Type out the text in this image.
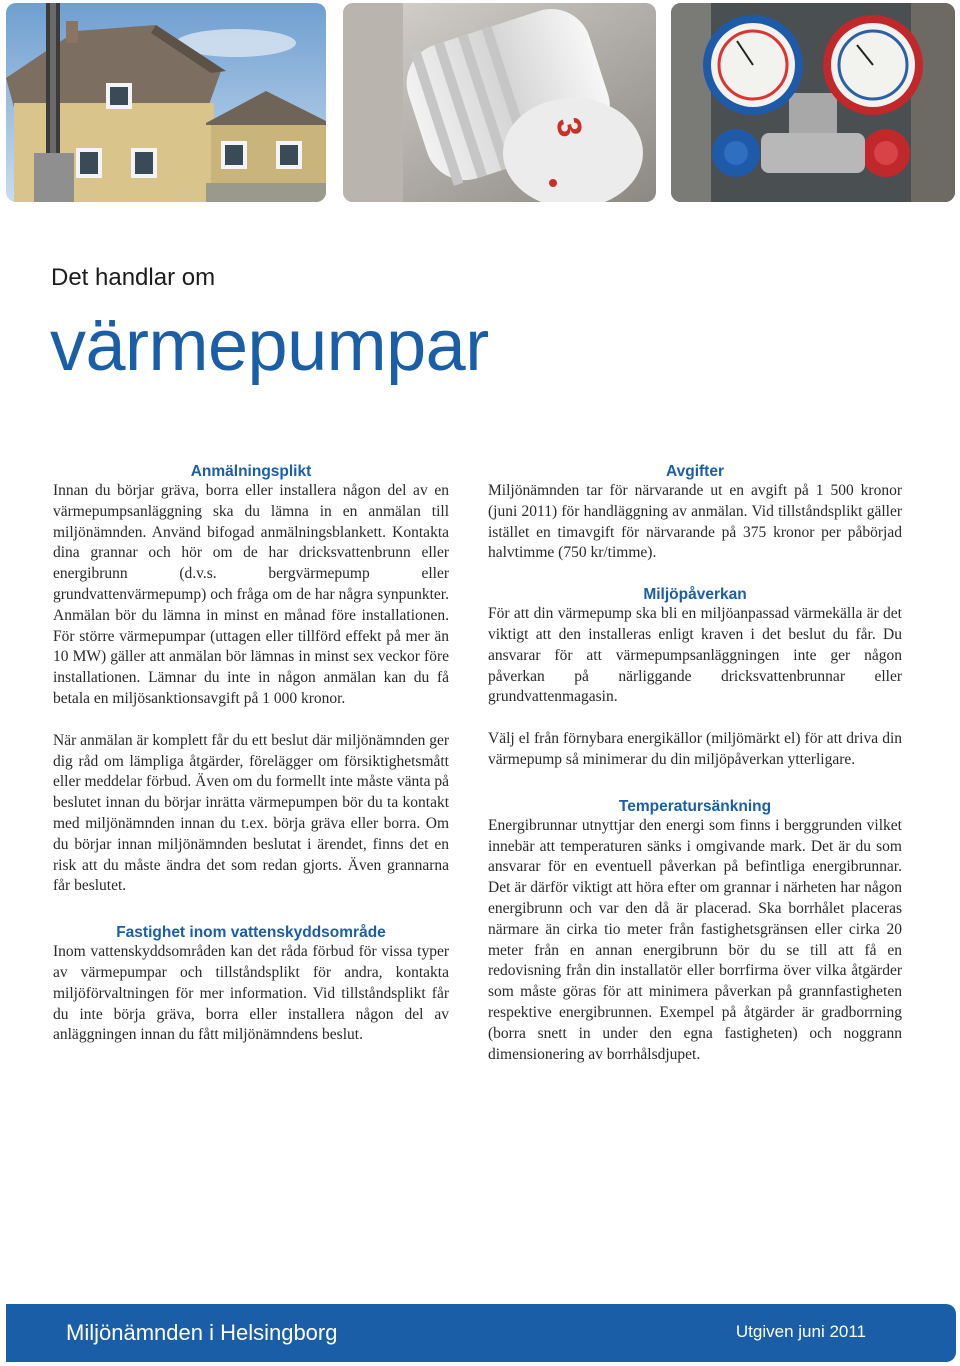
3
Det handlar om
värmepumpar
Anmälningsplikt

Innan du börjar gräva, borra eller installera någon del av en värmepumpsanläggning ska du lämna in en anmälan till miljönämnden. Använd bifogad anmälningsblankett. Kontakta dina grannar och hör om de har dricksvattenbrunn eller energibrunn (d.v.s. bergvärmepump eller grundvattenvärmepump) och fråga om de har några synpunkter. Anmälan bör du lämna in minst en månad före installationen. För större värmepumpar (uttagen eller tillförd effekt på mer än 10 MW) gäller att anmälan bör lämnas in minst sex veckor före installationen. Lämnar du inte in någon anmälan kan du få betala en miljösanktionsavgift på 1 000 kronor.

När anmälan är komplett får du ett beslut där miljönämnden ger dig råd om lämpliga åtgärder, förelägger om försiktighetsmått eller meddelar förbud. Även om du formellt inte måste vänta på beslutet innan du börjar inrätta värmepumpen bör du ta kontakt med miljönämnden innan du t.ex. börja gräva eller borra. Om du börjar innan miljönämnden beslutat i ärendet, finns det en risk att du måste ändra det som redan gjorts. Även grannarna får beslutet.

Fastighet inom vattenskyddsområde

Inom vattenskyddsområden kan det råda förbud för vissa typer av värmepumpar och tillståndsplikt för andra, kontakta miljöförvaltningen för mer information. Vid tillståndsplikt får du inte börja gräva, borra eller installera någon del av anläggningen innan du fått miljönämndens beslut.

Avgifter

Miljönämnden tar för närvarande ut en avgift på 1 500 kronor (juni 2011) för handläggning av anmälan. Vid tillståndsplikt gäller istället en timavgift för närvarande på 375 kronor per påbörjad halvtimme (750 kr/timme).

Miljöpåverkan

För att din värmepump ska bli en miljöanpassad värmekälla är det viktigt att den installeras enligt kraven i det beslut du får. Du ansvarar för att värmepumpsanläggningen inte ger någon påverkan på närliggande dricksvattenbrunnar eller grundvattenmagasin.

Välj el från förnybara energikällor (miljömärkt el) för att driva din värmepump så minimerar du din miljöpåverkan ytterligare.

Temperatursänkning

Energibrunnar utnyttjar den energi som finns i berggrunden vilket innebär att temperaturen sänks i omgivande mark. Det är du som ansvarar för en eventuell påverkan på befintliga energibrunnar. Det är därför viktigt att höra efter om grannar i närheten har någon energibrunn och var den då är placerad. Ska borrhålet placeras närmare än cirka tio meter från fastighetsgränsen eller cirka 20 meter från en annan energibrunn bör du se till att få en redovisning från din installatör eller borrfirma över vilka åtgärder som måste göras för att minimera påverkan på grannfastigheten respektive energibrunnen. Exempel på åtgärder är gradborrning (borra snett in under den egna fastigheten) och noggrann dimensionering av borrhålsdjupet.

Miljönämnden i Helsingborg	Utgiven juni 2011
